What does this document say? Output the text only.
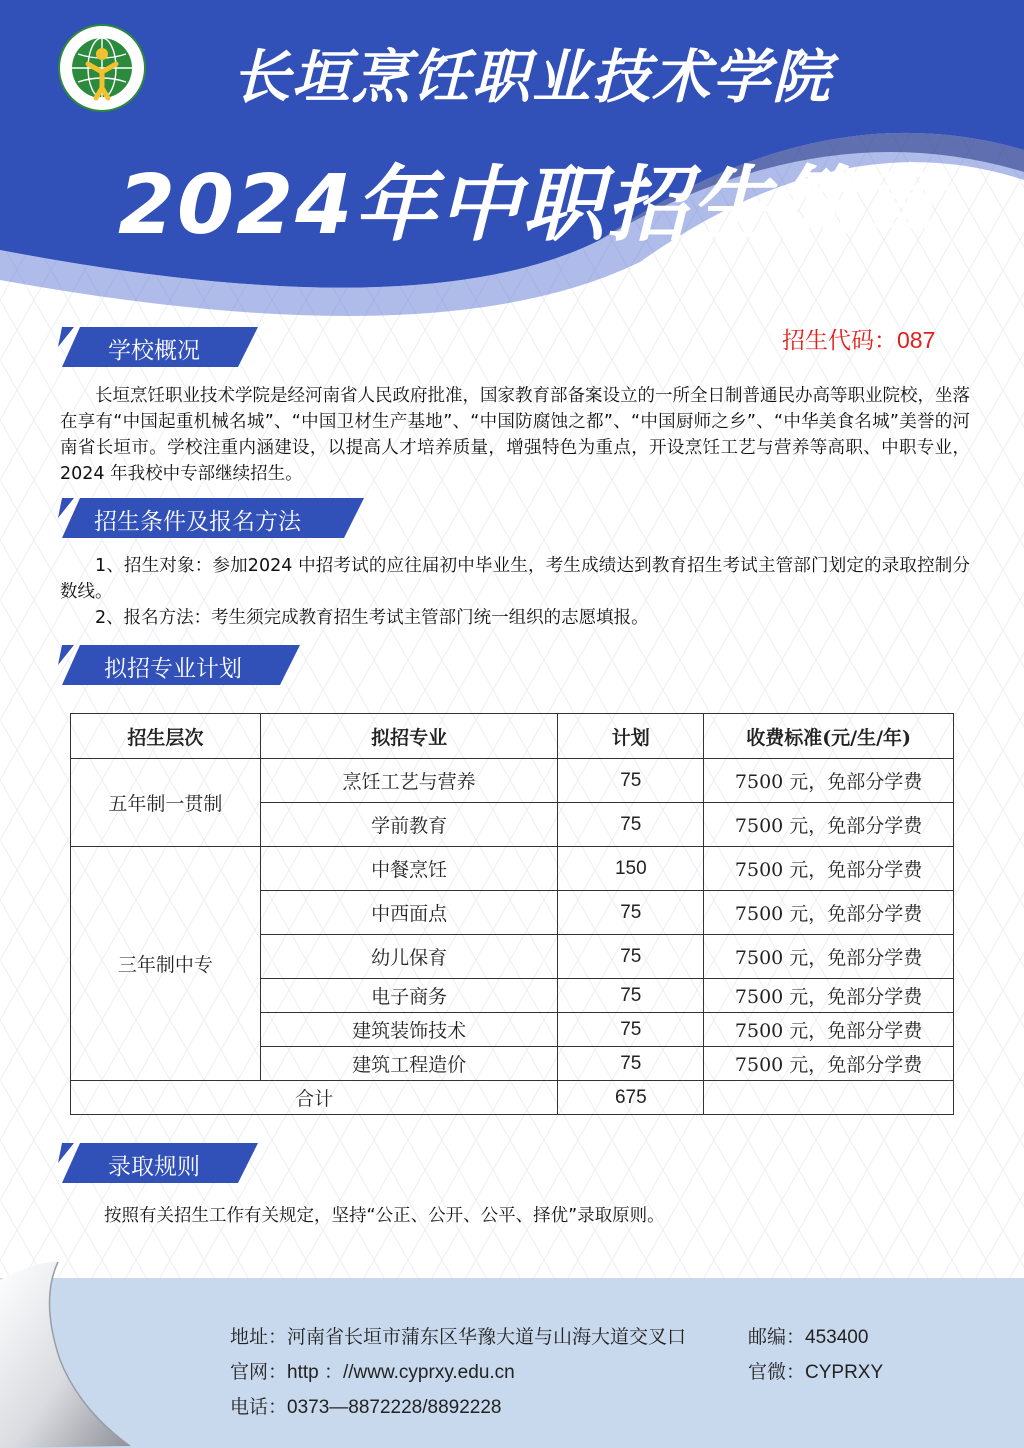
长垣烹饪职业技术学院
2024年中职招生简章
招生代码：087
学校概况

长垣烹饪职业技术学院是经河南省人民政府批准，国家教育部备案设立的一所全日制普通民办高等职业院校，坐落在享有“中国起重机械名城”、“中国卫材生产基地”、“中国防腐蚀之都”、“中国厨师之乡”、“中华美食名城”美誉的河南省长垣市。学校注重内涵建设，以提高人才培养质量，增强特色为重点，开设烹饪工艺与营养等高职、中职专业，2024 年我校中专部继续招生。

招生条件及报名方法

1、招生对象：参加2024 中招考试的应往届初中毕业生，考生成绩达到教育招生考试主管部门划定的录取控制分数线。

2、报名方法：考生须完成教育招生考试主管部门统一组织的志愿填报。

拟招专业计划
招生层次	拟招专业	计划	收费标准(元/生/年)
五年制一贯制	烹饪工艺与营养	75	7500 元，免部分学费
	学前教育	75	7500 元，免部分学费
三年制中专	中餐烹饪	150	7500 元，免部分学费
	中西面点	75	7500 元，免部分学费
	幼儿保育	75	7500 元，免部分学费
	电子商务	75	7500 元，免部分学费
	建筑装饰技术	75	7500 元，免部分学费
	建筑工程造价	75	7500 元，免部分学费
合计		675	
录取规则

按照有关招生工作有关规定，坚持“公正、公开、公平、择优”录取原则。

地址：河南省长垣市蒲东区华豫大道与山海大道交叉口	邮编：453400
官网：http ：//www.cyprxy.edu.cn	官微：CYPRXY
电话：0373—8872228/8892228
